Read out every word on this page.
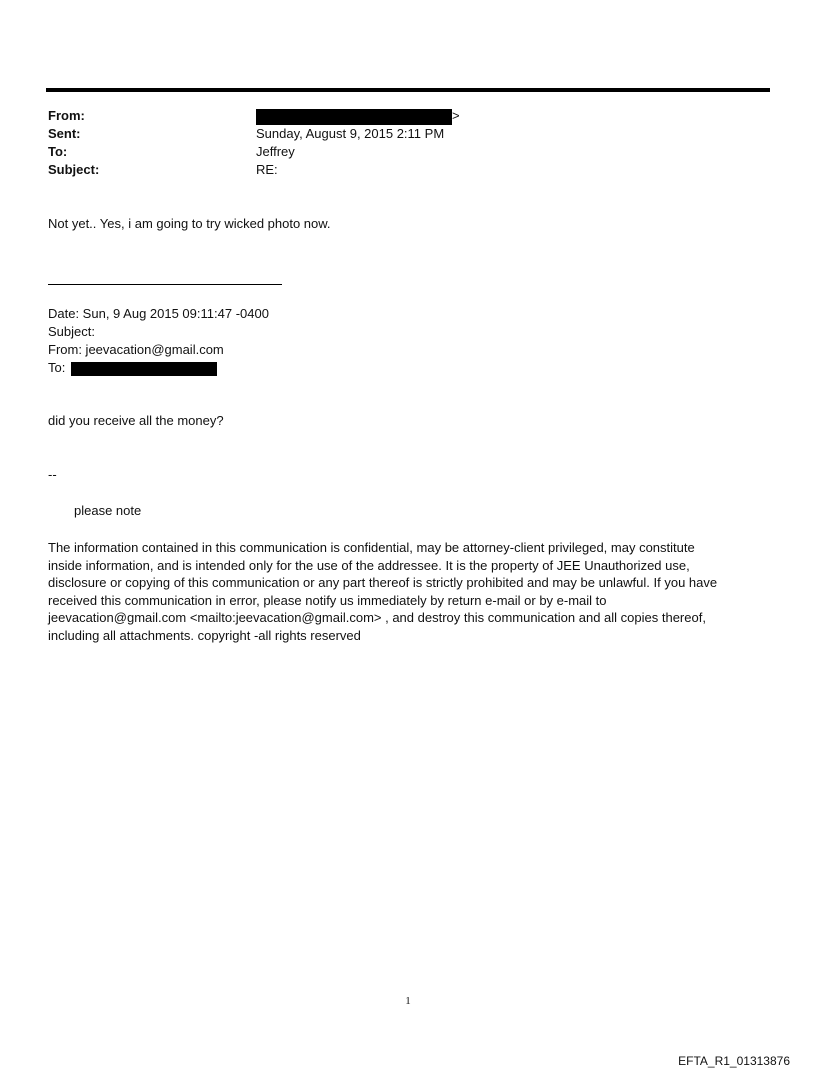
From:	>
Sent:	Sunday, August 9, 2015 2:11 PM
To:	Jeffrey
Subject:	RE:
Not yet.. Yes, i am going to try wicked photo now.
Date: Sun, 9 Aug 2015 09:11:47 -0400
Subject:
From: jeevacation@gmail.com
To:
did you receive all the money?
--
please note
The information contained in this communication is confidential, may be attorney-client privileged, may constitute
inside information, and is intended only for the use of the addressee. It is the property of JEE Unauthorized use,
disclosure or copying of this communication or any part thereof is strictly prohibited and may be unlawful. If you have
received this communication in error, please notify us immediately by return e-mail or by e-mail to
jeevacation@gmail.com <mailto:jeevacation@gmail.com> , and destroy this communication and all copies thereof,
including all attachments. copyright -all rights reserved
1
EFTA_R1_01313876
